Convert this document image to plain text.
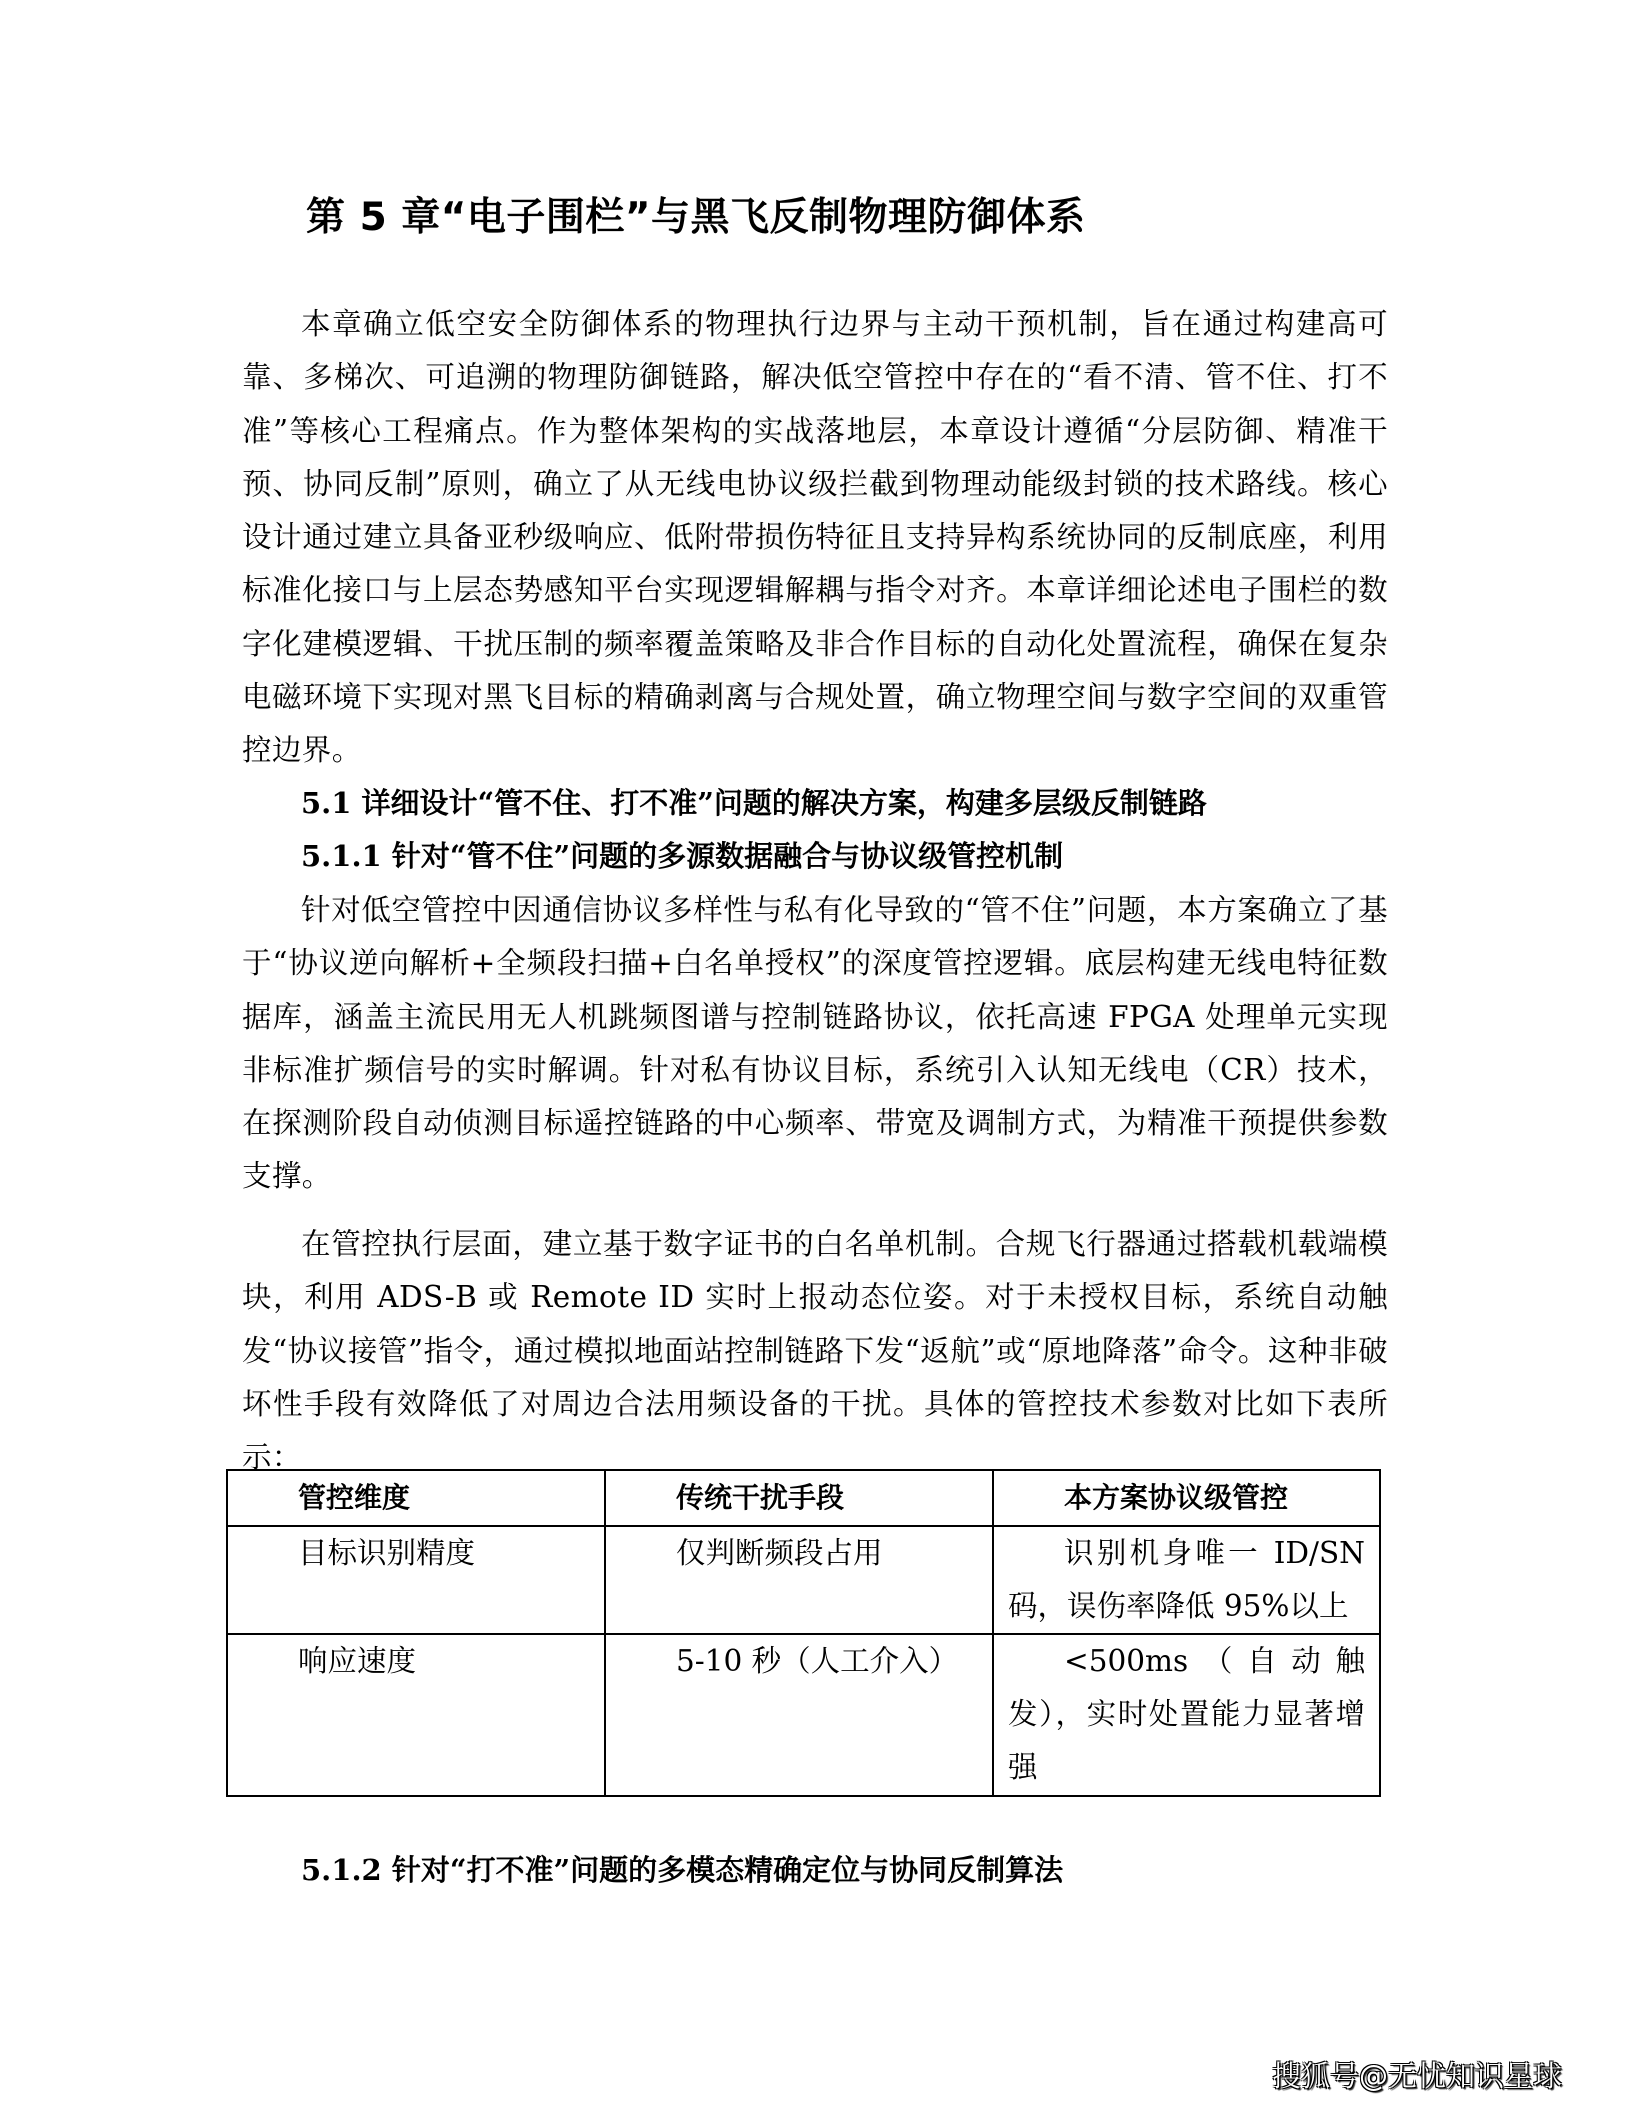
第 5 章“电子围栏”与黑飞反制物理防御体系
本章确立低空安全防御体系的物理执行边界与主动干预机制，旨在通过构建高可靠、多梯次、可追溯的物理防御链路，解决低空管控中存在的“看不清、管不住、打不准”等核心工程痛点。作为整体架构的实战落地层，本章设计遵循“分层防御、精准干预、协同反制”原则，确立了从无线电协议级拦截到物理动能级封锁的技术路线。核心设计通过建立具备亚秒级响应、低附带损伤特征且支持异构系统协同的反制底座，利用标准化接口与上层态势感知平台实现逻辑解耦与指令对齐。本章详细论述电子围栏的数字化建模逻辑、干扰压制的频率覆盖策略及非合作目标的自动化处置流程，确保在复杂电磁环境下实现对黑飞目标的精确剥离与合规处置，确立物理空间与数字空间的双重管控边界。
5.1 详细设计“管不住、打不准”问题的解决方案，构建多层级反制链路
5.1.1 针对“管不住”问题的多源数据融合与协议级管控机制
针对低空管控中因通信协议多样性与私有化导致的“管不住”问题，本方案确立了基于“协议逆向解析+全频段扫描+白名单授权”的深度管控逻辑。底层构建无线电特征数据库，涵盖主流民用无人机跳频图谱与控制链路协议，依托高速 FPGA 处理单元实现非标准扩频信号的实时解调。针对私有协议目标，系统引入认知无线电（CR）技术，在探测阶段自动侦测目标遥控链路的中心频率、带宽及调制方式，为精准干预提供参数支撑。
在管控执行层面，建立基于数字证书的白名单机制。合规飞行器通过搭载机载端模块，利用 ADS-B 或 Remote ID 实时上报动态位姿。对于未授权目标，系统自动触发“协议接管”指令，通过模拟地面站控制链路下发“返航”或“原地降落”命令。这种非破坏性手段有效降低了对周边合法用频设备的干扰。具体的管控技术参数对比如下表所示：
管控维度	传统干扰手段	本方案协议级管控
目标识别精度	仅判断频段占用	识别机身唯一 ID/SN 码，误伤率降低 95%以上
响应速度	5-10 秒（人工介入）	<500ms（自动触发），实时处置能力显著增强
5.1.2 针对“打不准”问题的多模态精确定位与协同反制算法
搜狐号@无忧知识星球
